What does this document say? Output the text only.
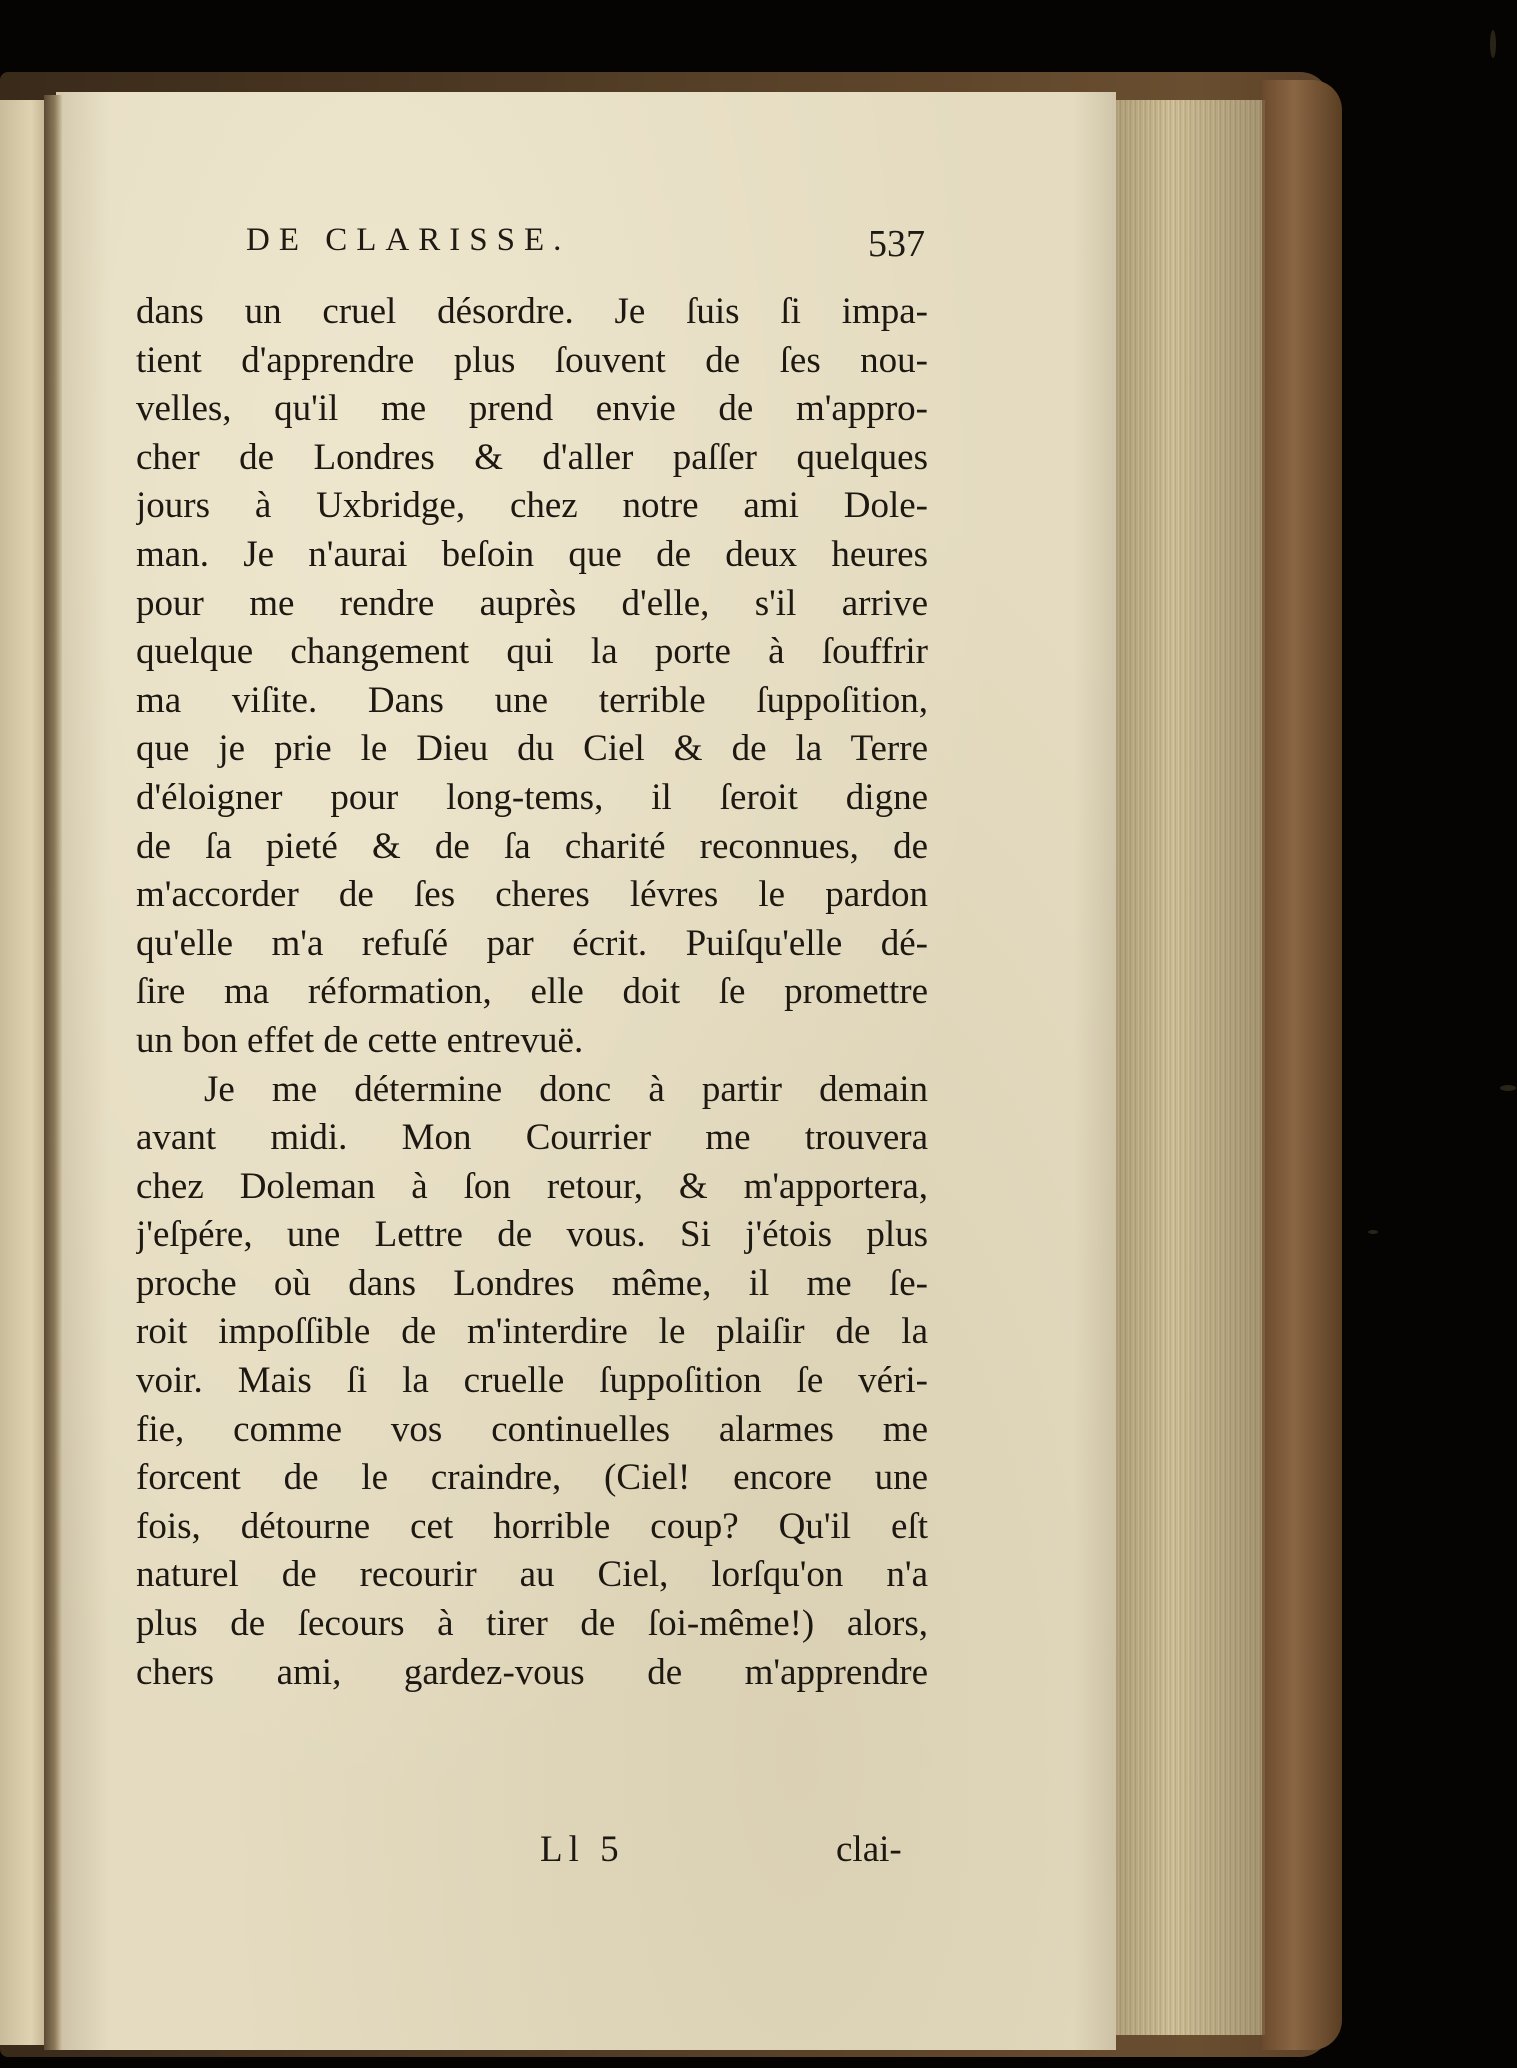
DE CLARISSE.	537
dans un cruel désordre. Je ſuis ſi impa-
tient d'apprendre plus ſouvent de ſes nou-
velles, qu'il me prend envie de m'appro-
cher de Londres & d'aller paſſer quelques
jours à Uxbridge, chez notre ami Dole-
man. Je n'aurai beſoin que de deux heures
pour me rendre auprès d'elle, s'il arrive
quelque changement qui la porte à ſouffrir
ma viſite. Dans une terrible ſuppoſition,
que je prie le Dieu du Ciel & de la Terre
d'éloigner pour long-tems, il ſeroit digne
de ſa pieté & de ſa charité reconnues, de
m'accorder de ſes cheres lévres le pardon
qu'elle m'a refuſé par écrit. Puiſqu'elle dé-
ſire ma réformation, elle doit ſe promettre
un bon effet de cette entrevuë.
Je me détermine donc à partir demain
avant midi. Mon Courrier me trouvera
chez Doleman à ſon retour, & m'apportera,
j'eſpére, une Lettre de vous. Si j'étois plus
proche où dans Londres même, il me ſe-
roit impoſſible de m'interdire le plaiſir de la
voir. Mais ſi la cruelle ſuppoſition ſe véri-
fie, comme vos continuelles alarmes me
forcent de le craindre, (Ciel! encore une
fois, détourne cet horrible coup? Qu'il eſt
naturel de recourir au Ciel, lorſqu'on n'a
plus de ſecours à tirer de ſoi-même!) alors,
chers ami, gardez-vous de m'apprendre
Ll 5	clai-
